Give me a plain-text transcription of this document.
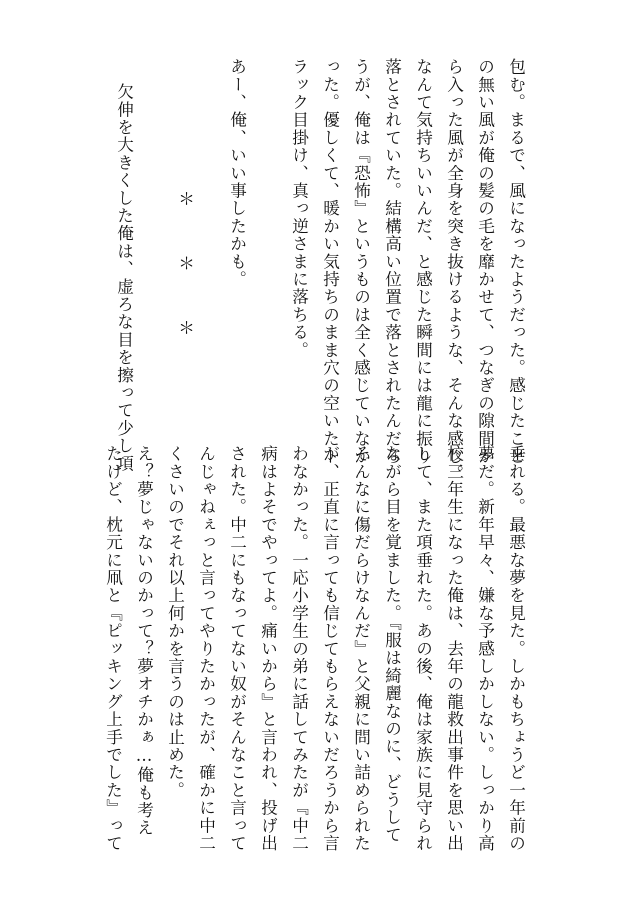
包む。まるで、風になったようだった。感じたこと
の無い風が俺の髪の毛を靡かせて、つなぎの隙間か
ら入った風が全身を突き抜けるような、そんな感じ。
なんて気持ちいいんだ、と感じた瞬間には龍に振り
落とされていた。結構高い位置で落とされたんだろ
うが、俺は『恐怖』というものは全く感じていなか
った。優しくて、暖かい気持ちのまま穴の空いたト
ラック目掛け、真っ逆さまに落ちる。
あー、俺、いい事したかも。
＊＊＊
欠伸を大きくした俺は、虚ろな目を擦って少し項
垂れる。最悪な夢を見た。しかもちょうど一年前の
夢だ。新年早々、嫌な予感しかしない。しっかり高
校三年生になった俺は、去年の龍救出事件を思い出
して、また項垂れた。あの後、俺は家族に見守られ
ながら目を覚ました。『服は綺麗なのに、どうして
そんなに傷だらけなんだ』と父親に問い詰められた
が、正直に言っても信じてもらえないだろうから言
わなかった。一応小学生の弟に話してみたが『中二
病はよそでやってよ。痛いから』と言われ、投げ出
された。中二にもなってない奴がそんなこと言って
んじゃねぇっと言ってやりたかったが、確かに中二
くさいのでそれ以上何かを言うのは止めた。
え？夢じゃないのかって？夢オチかぁ…俺も考え
たけど、枕元に凧と『ピッキング上手でした』って
